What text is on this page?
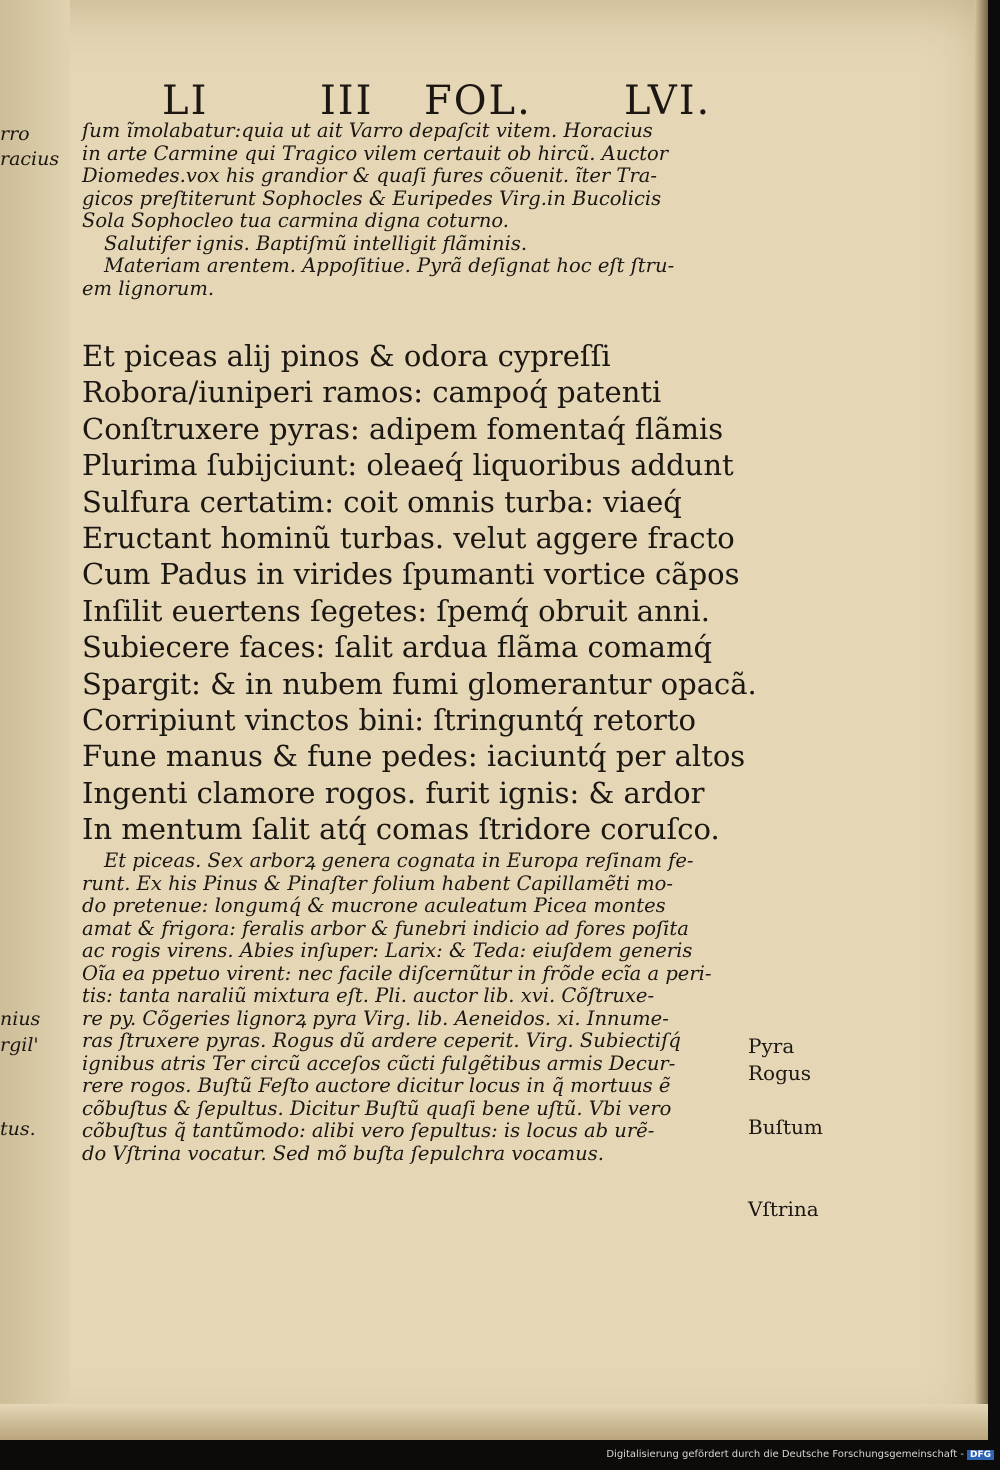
LI	III FOL. LVI.
rro
racius
nius
rgil'
tus.
ſum ĩmolabatur:quia ut ait Varro depaſcit vitem. Horacius
in arte Carmine qui Tragico vilem certauit ob hircũ. Auctor
Diomedes.vox his grandior & quaſi fures cõuenit. ĩter Tra-
gicos preſtiterunt Sophocles & Euripedes Virg.in Bucolicis
Sola Sophocleo tua carmina digna coturno.
Salutifer ignis. Baptiſmũ intelligit flãminis.
Materiam arentem. Appoſitiue. Pyrã deſignat hoc eſt ſtru-
em lignorum.
Et piceas alij pinos & odora cypreſſi
Robora/iuniperi ramos: campoq́ patenti
Conſtruxere pyras: adipem fomentaq́ flãmis
Plurima ſubijciunt: oleaeq́ liquoribus addunt
Sulfura certatim: coit omnis turba: viaeq́
Eructant hominũ turbas. velut aggere fracto
Cum Padus in virides ſpumanti vortice cãpos
Inſilit euertens ſegetes: ſpemq́ obruit anni.
Subiecere faces: ſalit ardua flãma comamq́
Spargit: & in nubem fumi glomerantur opacã.
Corripiunt vinctos bini: ſtringuntq́ retorto
Fune manus & fune pedes: iaciuntq́ per altos
Ingenti clamore rogos. furit ignis: & ardor
In mentum ſalit atq́ comas ſtridore coruſco.
Et piceas. Sex arborꝝ genera cognata in Europa reſinam fe-
runt. Ex his Pinus & Pinaſter folium habent Capillamẽti mo-
do pretenue: longumq́ & mucrone aculeatum Picea montes
amat & frigora: feralis arbor & funebri indicio ad fores poſita
ac rogis virens. Abies inſuper: Larix: & Teda: eiuſdem generis
Oĩa ea ppetuo virent: nec facile diſcernũtur in frõde ecĩa a peri-
tis: tanta naraliũ mixtura eſt. Pli. auctor lib. xvi. Cõſtruxe-
re py. Cõgeries lignorꝝ pyra Virg. lib. Aeneidos. xi. Innume-
ras ſtruxere pyras. Rogus dũ ardere ceperit. Virg. Subiectiſq́
ignibus atris Ter circũ acceſos cũcti fulgẽtibus armis Decur-
rere rogos. Buſtũ Feſto auctore dicitur locus in q̃ mortuus ẽ
cõbuſtus & ſepultus. Dicitur Buſtũ quaſi bene uſtũ. Vbi vero
cõbuſtus q̃ tantũmodo: alibi vero ſepultus: is locus ab urẽ-
do Vſtrina vocatur. Sed mõ buſta ſepulchra vocamus.
Pyra
Rogus
Buſtum
Vſtrina
Digitalisierung gefördert durch die Deutsche Forschungsgemeinschaft - DFG
